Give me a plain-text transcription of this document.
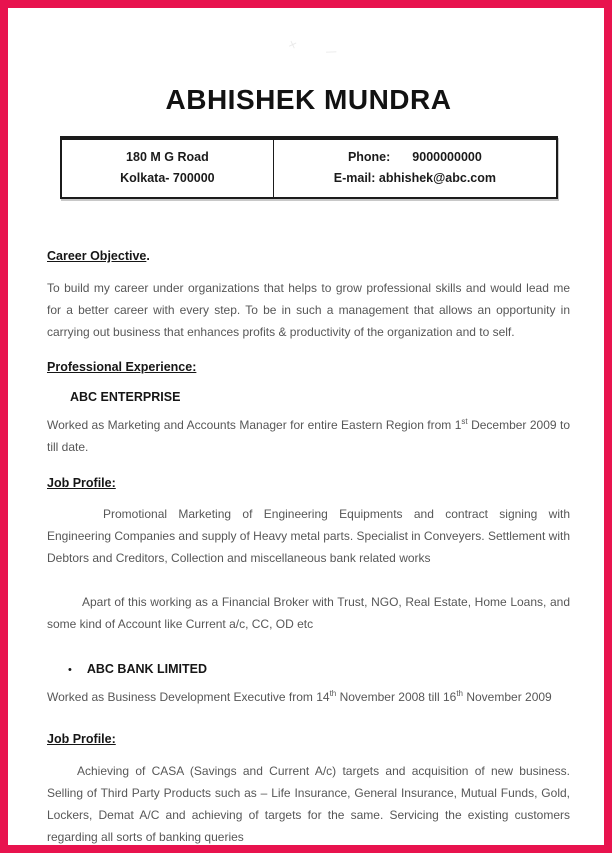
⨯ |
ABHISHEK MUNDRA
180 M G Road
Kolkata- 700000

Phone: 9000000000
E-mail: abhishek@abc.com
Career Objective.

To build my career under organizations that helps to grow professional skills and would lead me for a better career with every step. To be in such a management that allows an opportunity in carrying out business that enhances profits & productivity of the organization and to self.

Professional Experience:
ABC ENTERPRISE

Worked as Marketing and Accounts Manager for entire Eastern Region from 1st December 2009 to till date.

Job Profile:

Promotional Marketing of Engineering Equipments and contract signing with Engineering Companies and supply of Heavy metal parts. Specialist in Conveyers. Settlement with Debtors and Creditors, Collection and miscellaneous bank related works

Apart of this working as a Financial Broker with Trust, NGO, Real Estate, Home Loans, and some kind of Account like Current a/c, CC, OD etc

• ABC BANK LIMITED

Worked as Business Development Executive from 14th November 2008 till 16th November 2009

Job Profile:

Achieving of CASA (Savings and Current A/c) targets and acquisition of new business. Selling of Third Party Products such as – Life Insurance, General Insurance, Mutual Funds, Gold, Lockers, Demat A/C and achieving of targets for the same. Servicing the existing customers regarding all sorts of banking queries
